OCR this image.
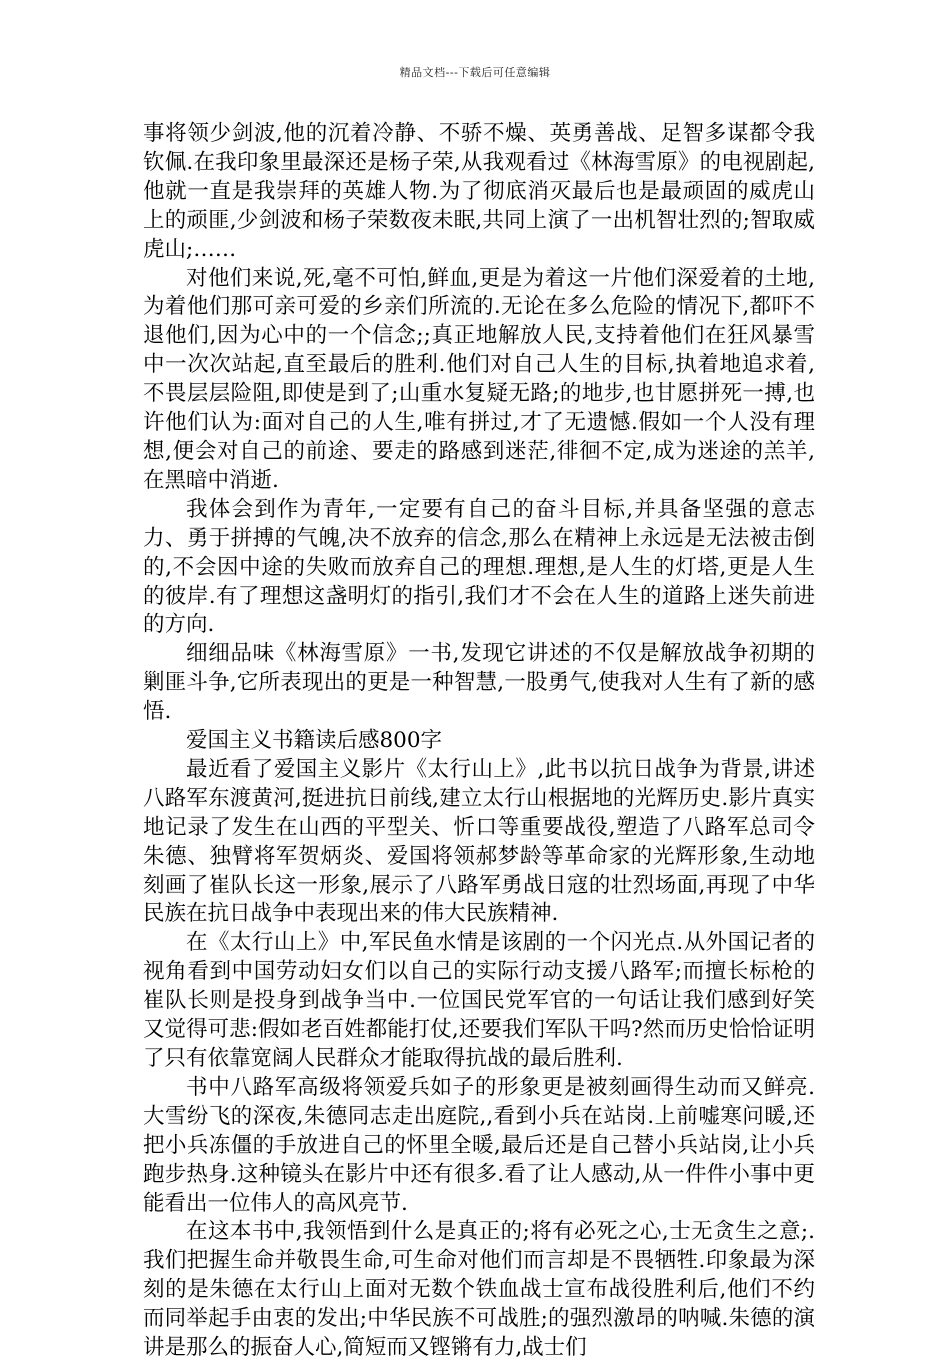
精品文档---下载后可任意编辑

事将领少剑波,他的沉着冷静、不骄不燥、英勇善战、足智多谋都令我钦佩.在我印象里最深还是杨子荣,从我观看过《林海雪原》的电视剧起,他就一直是我崇拜的英雄人物.为了彻底消灭最后也是最顽固的威虎山上的顽匪,少剑波和杨子荣数夜未眠,共同上演了一出机智壮烈的;智取威虎山;……

对他们来说,死,毫不可怕,鲜血,更是为着这一片他们深爱着的土地,为着他们那可亲可爱的乡亲们所流的.无论在多么危险的情况下,都吓不退他们,因为心中的一个信念;;真正地解放人民,支持着他们在狂风暴雪中一次次站起,直至最后的胜利.他们对自己人生的目标,执着地追求着,不畏层层险阻,即使是到了;山重水复疑无路;的地步,也甘愿拼死一搏,也许他们认为:面对自己的人生,唯有拼过,才了无遗憾.假如一个人没有理想,便会对自己的前途、要走的路感到迷茫,徘徊不定,成为迷途的羔羊,在黑暗中消逝.

我体会到作为青年,一定要有自己的奋斗目标,并具备坚强的意志力、勇于拼搏的气魄,决不放弃的信念,那么在精神上永远是无法被击倒的,不会因中途的失败而放弃自己的理想.理想,是人生的灯塔,更是人生的彼岸.有了理想这盏明灯的指引,我们才不会在人生的道路上迷失前进的方向.

细细品味《林海雪原》一书,发现它讲述的不仅是解放战争初期的剿匪斗争,它所表现出的更是一种智慧,一股勇气,使我对人生有了新的感悟.

爱国主义书籍读后感800字

最近看了爱国主义影片《太行山上》,此书以抗日战争为背景,讲述八路军东渡黄河,挺进抗日前线,建立太行山根据地的光辉历史.影片真实地记录了发生在山西的平型关、忻口等重要战役,塑造了八路军总司令朱德、独臂将军贺炳炎、爱国将领郝梦龄等革命家的光辉形象,生动地刻画了崔队长这一形象,展示了八路军勇战日寇的壮烈场面,再现了中华民族在抗日战争中表现出来的伟大民族精神.

在《太行山上》中,军民鱼水情是该剧的一个闪光点.从外国记者的视角看到中国劳动妇女们以自己的实际行动支援八路军;而擅长标枪的崔队长则是投身到战争当中.一位国民党军官的一句话让我们感到好笑又觉得可悲:假如老百姓都能打仗,还要我们军队干吗?然而历史恰恰证明了只有依靠宽阔人民群众才能取得抗战的最后胜利.

书中八路军高级将领爱兵如子的形象更是被刻画得生动而又鲜亮.大雪纷飞的深夜,朱德同志走出庭院,,看到小兵在站岗.上前嘘寒问暖,还把小兵冻僵的手放进自己的怀里全暖,最后还是自己替小兵站岗,让小兵跑步热身.这种镜头在影片中还有很多.看了让人感动,从一件件小事中更能看出一位伟人的高风亮节.

在这本书中,我领悟到什么是真正的;将有必死之心,士无贪生之意;.我们把握生命并敬畏生命,可生命对他们而言却是不畏牺牲.印象最为深刻的是朱德在太行山上面对无数个铁血战士宣布战役胜利后,他们不约而同举起手由衷的发出;中华民族不可战胜;的强烈激昂的呐喊.朱德的演讲是那么的振奋人心,简短而又铿锵有力,战士们
